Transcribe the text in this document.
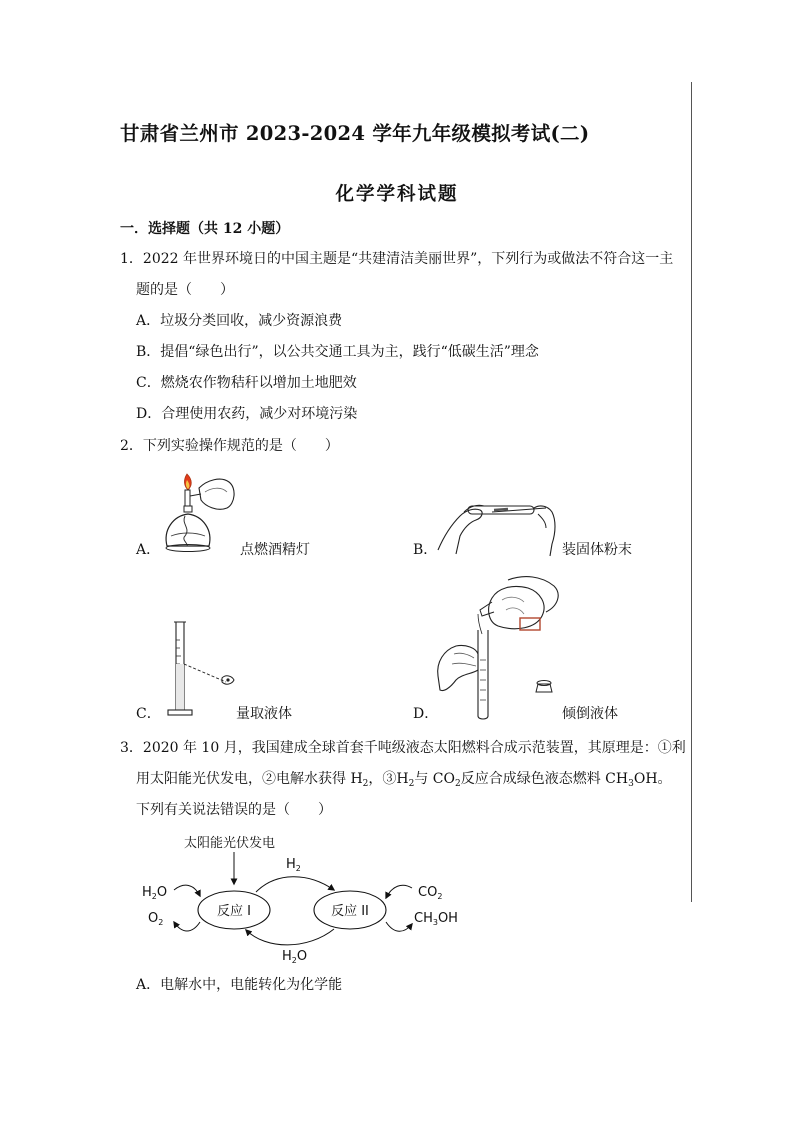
甘肃省兰州市 2023-2024 学年九年级模拟考试(二)
化学学科试题
一．选择题（共 12 小题）
1．2022 年世界环境日的中国主题是“共建清洁美丽世界”，下列行为或做法不符合这一主
题的是（　　）
A．垃圾分类回收，减少资源浪费
B．提倡“绿色出行”，以公共交通工具为主，践行“低碳生活”理念
C．燃烧农作物秸秆以增加土地肥效
D．合理使用农药，减少对环境污染
2．下列实验操作规范的是（　　）
A．	点燃酒精灯	B．	装固体粉末
C．	量取液体	D．	倾倒液体
3．2020 年 10 月，我国建成全球首套千吨级液态太阳燃料合成示范装置，其原理是：①利
用太阳能光伏发电，②电解水获得 $H_2$，$③H_2$与 $CO_2$反应合成绿色液态燃料 $CH_3OH$。
下列有关说法错误的是（　　）
太阳能光伏发电
反应 I	反应 II
$H_2$
$H_2O$
$H_2O$
$O_2$
$CO_2$
$CH_3OH$
A．电解水中，电能转化为化学能
